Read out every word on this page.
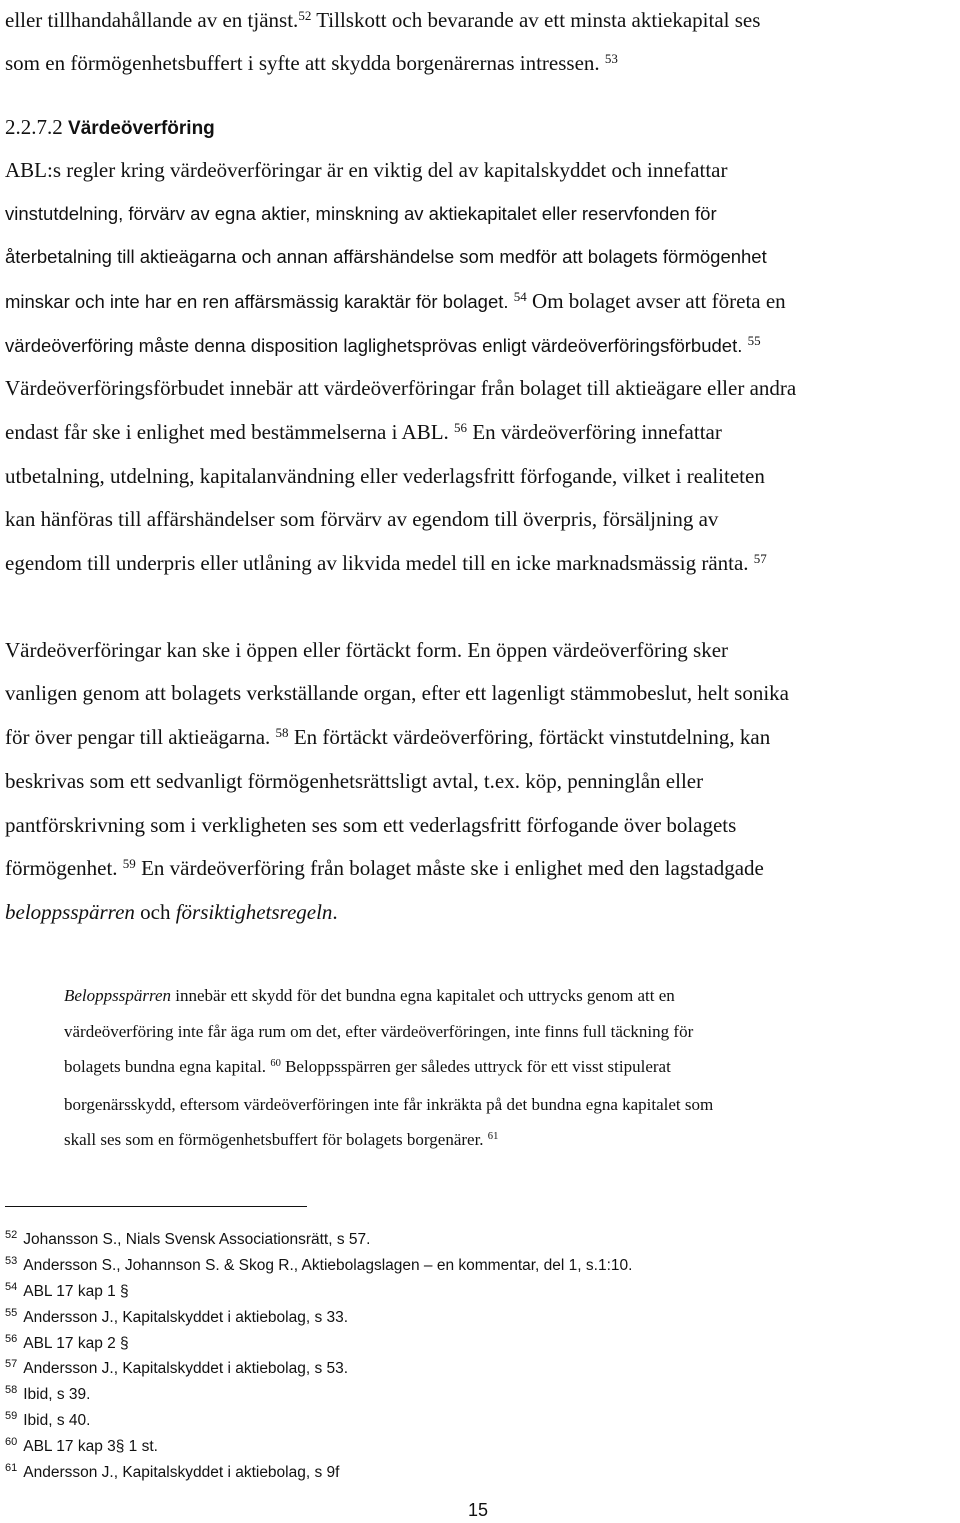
eller tillhandahållande av en tjänst.$^{52}$ Tillskott och bevarande av ett minsta aktiekapital ses
som en förmögenhetsbuffert i syfte att skydda borgenärernas intressen. $^{53}$
2.2.7.2 Värdeöverföring
ABL:s regler kring värdeöverföringar är en viktig del av kapitalskyddet och innefattar
vinstutdelning, förvärv av egna aktier, minskning av aktiekapitalet eller reservfonden för
återbetalning till aktieägarna och annan affärshändelse som medför att bolagets förmögenhet
minskar och inte har en ren affärsmässig karaktär för bolaget. $^{54}$ Om bolaget avser att företa en
värdeöverföring måste denna disposition laglighetsprövas enligt värdeöverföringsförbudet. $^{55}$
Värdeöverföringsförbudet innebär att värdeöverföringar från bolaget till aktieägare eller andra
endast får ske i enlighet med bestämmelserna i ABL. $^{56}$ En värdeöverföring innefattar
utbetalning, utdelning, kapitalanvändning eller vederlagsfritt förfogande, vilket i realiteten
kan hänföras till affärshändelser som förvärv av egendom till överpris, försäljning av
egendom till underpris eller utlåning av likvida medel till en icke marknadsmässig ränta. $^{57}$
Värdeöverföringar kan ske i öppen eller förtäckt form. En öppen värdeöverföring sker
vanligen genom att bolagets verkställande organ, efter ett lagenligt stämmobeslut, helt sonika
för över pengar till aktieägarna. $^{58}$ En förtäckt värdeöverföring, förtäckt vinstutdelning, kan
beskrivas som ett sedvanligt förmögenhetsrättsligt avtal, t.ex. köp, penninglån eller
pantförskrivning som i verkligheten ses som ett vederlagsfritt förfogande över bolagets
förmögenhet. $^{59}$ En värdeöverföring från bolaget måste ske i enlighet med den lagstadgade
beloppsspärren och försiktighetsregeln.
Beloppsspärren innebär ett skydd för det bundna egna kapitalet och uttrycks genom att en
värdeöverföring inte får äga rum om det, efter värdeöverföringen, inte finns full täckning för
bolagets bundna egna kapital. $^{60}$ Beloppsspärren ger således uttryck för ett visst stipulerat
borgenärsskydd, eftersom värdeöverföringen inte får inkräkta på det bundna egna kapitalet som
skall ses som en förmögenhetsbuffert för bolagets borgenärer. $^{61}$
$^{52}$ Johansson S., Nials Svensk Associationsrätt, s 57.
$^{53}$ Andersson S., Johannson S. & Skog R., Aktiebolagslagen – en kommentar, del 1, s.1:10.
$^{54}$ ABL 17 kap 1 §
$^{55}$ Andersson J., Kapitalskyddet i aktiebolag, s 33.
$^{56}$ ABL 17 kap 2 §
$^{57}$ Andersson J., Kapitalskyddet i aktiebolag, s 53.
$^{58}$ Ibid, s 39.
$^{59}$ Ibid, s 40.
$^{60}$ ABL 17 kap 3§ 1 st.
$^{61}$ Andersson J., Kapitalskyddet i aktiebolag, s 9f
15
